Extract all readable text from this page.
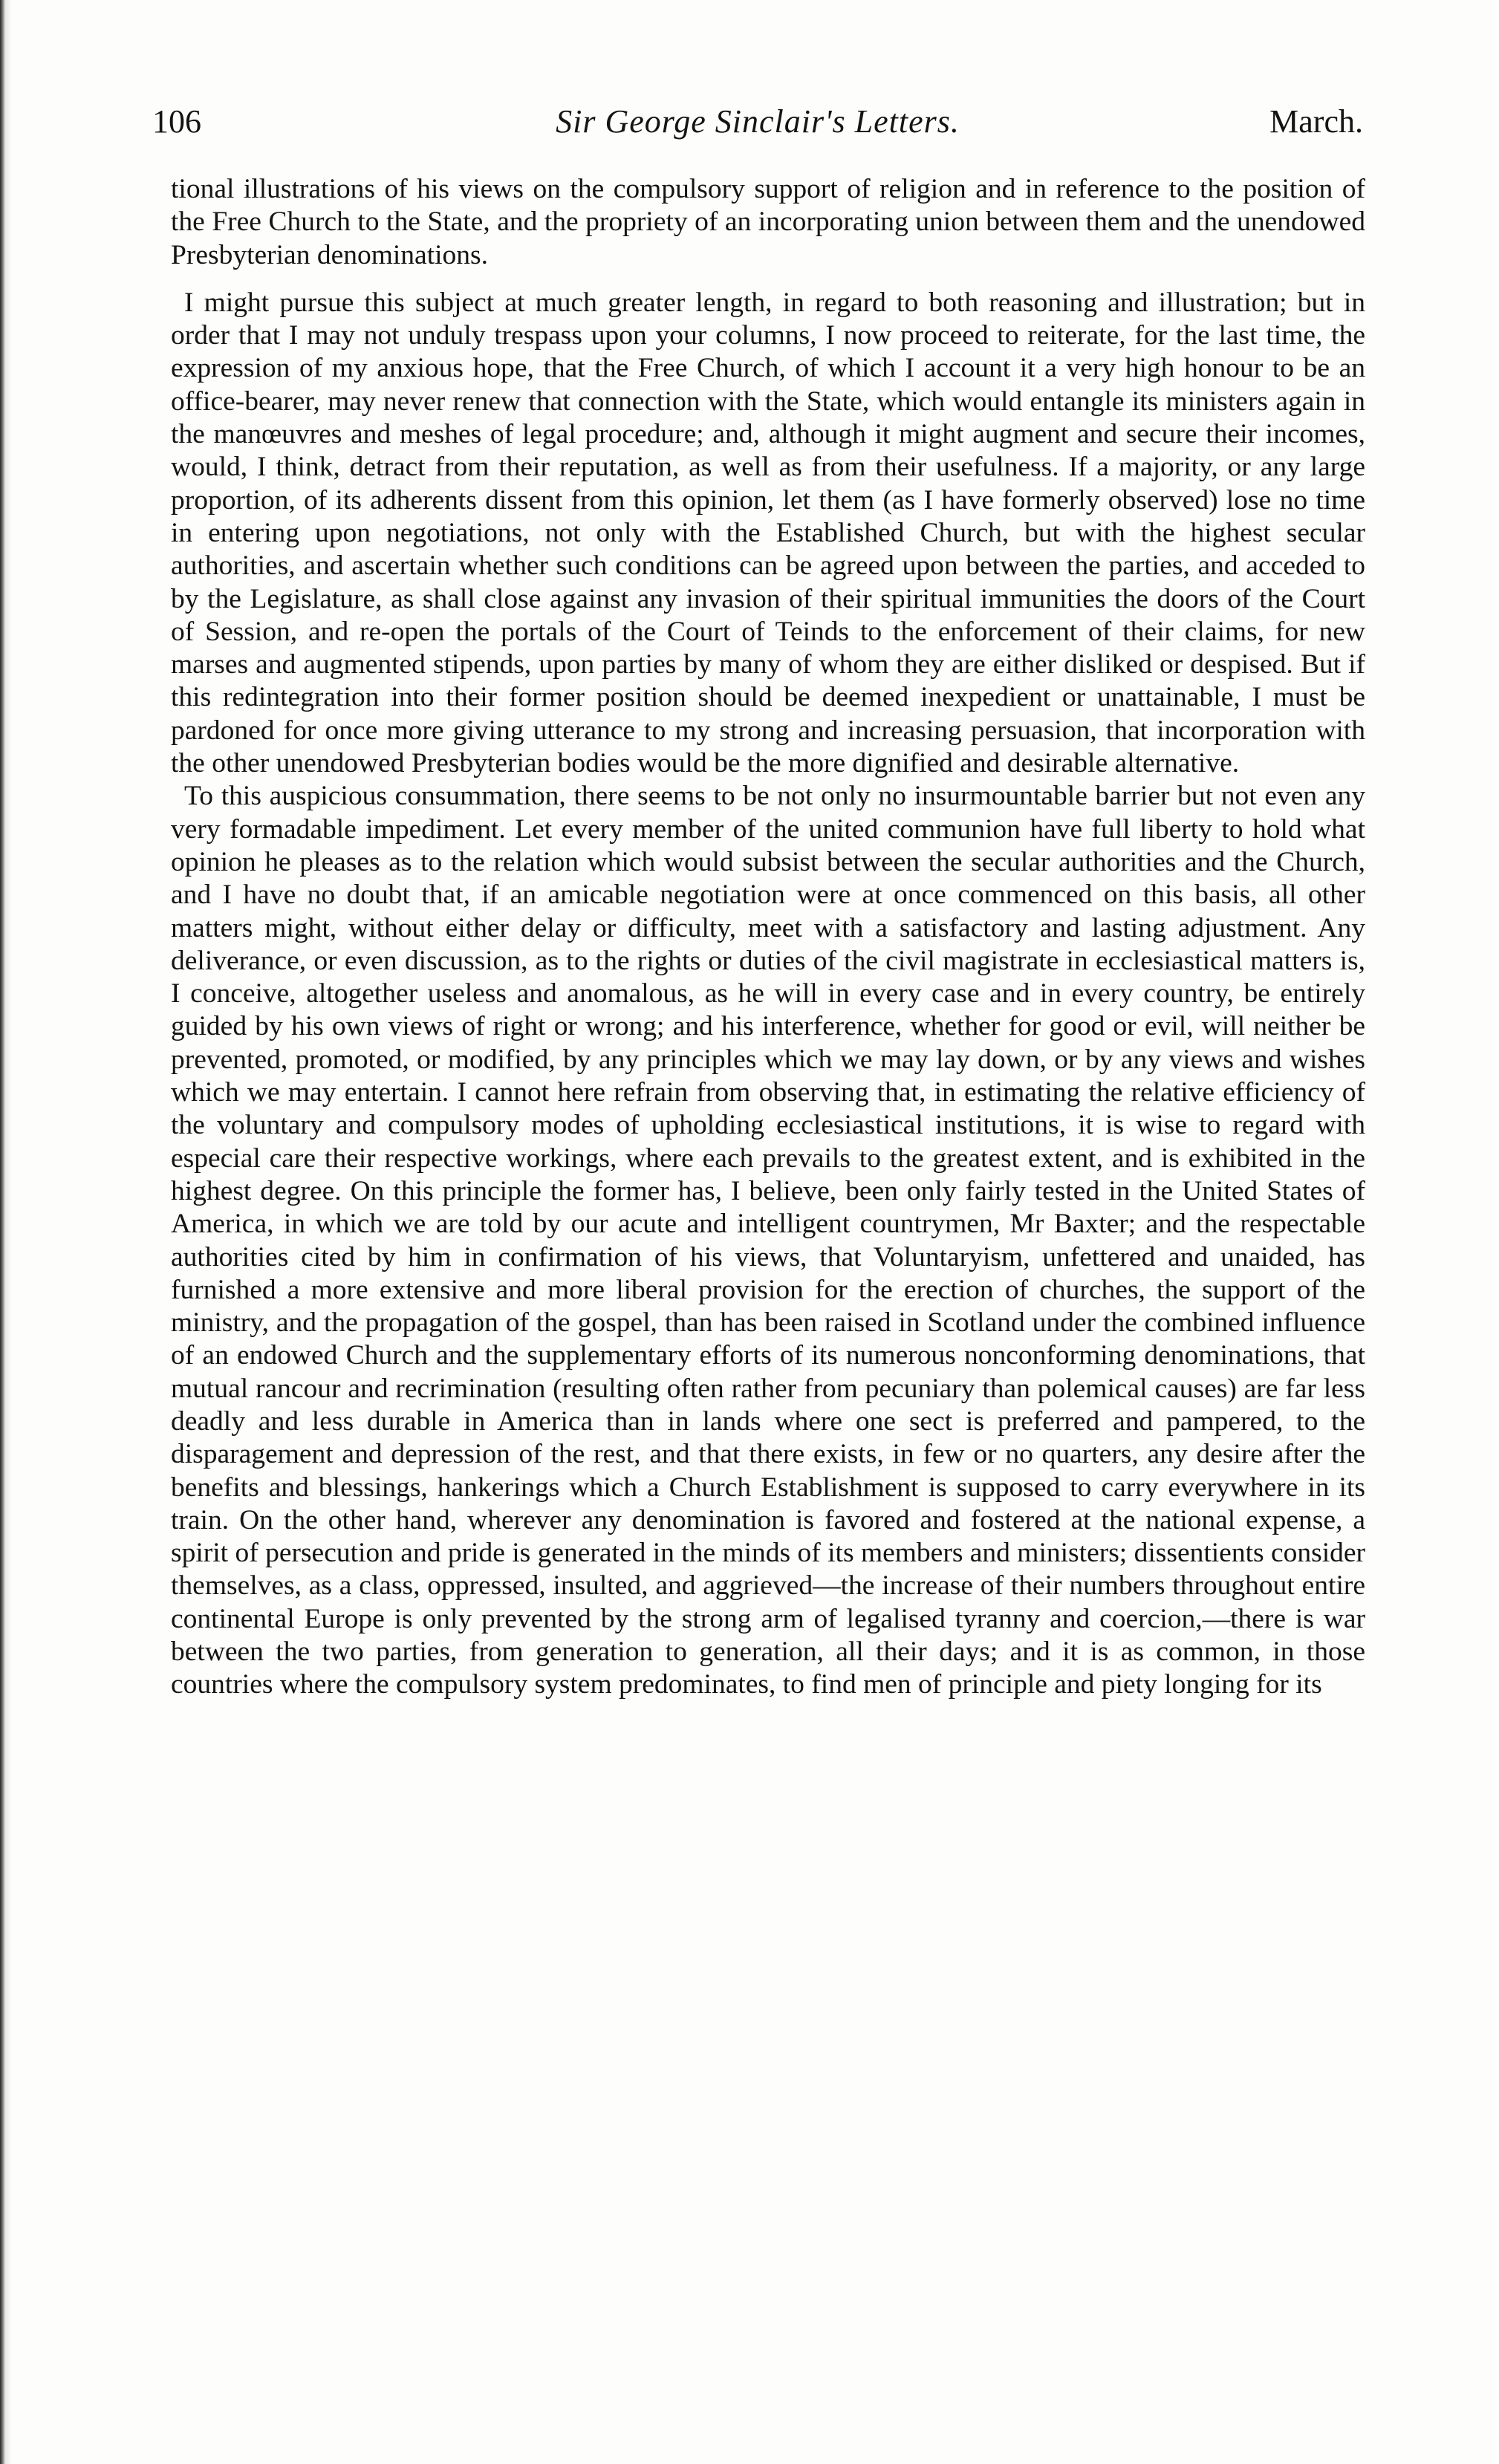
106	Sir George Sinclair's Letters.	March.

tional illustrations of his views on the compulsory support of religion and in reference to the position of the Free Church to the State, and the propriety of an incorporating union between them and the unendowed Presbyterian denominations.

I might pursue this subject at much greater length, in regard to both reasoning and illustration; but in order that I may not unduly trespass upon your columns, I now proceed to reiterate, for the last time, the expression of my anxious hope, that the Free Church, of which I account it a very high honour to be an office-bearer, may never renew that connection with the State, which would entangle its ministers again in the manœuvres and meshes of legal procedure; and, although it might augment and secure their incomes, would, I think, detract from their reputation, as well as from their usefulness. If a majority, or any large proportion, of its adherents dissent from this opinion, let them (as I have formerly observed) lose no time in entering upon negotiations, not only with the Established Church, but with the highest secular authorities, and ascertain whether such conditions can be agreed upon between the parties, and acceded to by the Legislature, as shall close against any invasion of their spiritual immunities the doors of the Court of Session, and re-open the portals of the Court of Teinds to the enforcement of their claims, for new marses and augmented stipends, upon parties by many of whom they are either disliked or despised. But if this redintegration into their former position should be deemed inexpedient or unattainable, I must be pardoned for once more giving utterance to my strong and increasing persuasion, that incorporation with the other unendowed Presbyterian bodies would be the more dignified and desirable alternative.

To this auspicious consummation, there seems to be not only no insurmountable barrier but not even any very formadable impediment. Let every member of the united communion have full liberty to hold what opinion he pleases as to the relation which would subsist between the secular authorities and the Church, and I have no doubt that, if an amicable negotiation were at once commenced on this basis, all other matters might, without either delay or difficulty, meet with a satisfactory and lasting adjustment. Any deliverance, or even discussion, as to the rights or duties of the civil magistrate in ecclesiastical matters is, I conceive, altogether useless and anomalous, as he will in every case and in every country, be entirely guided by his own views of right or wrong; and his interference, whether for good or evil, will neither be prevented, promoted, or modified, by any principles which we may lay down, or by any views and wishes which we may entertain. I cannot here refrain from observing that, in estimating the relative efficiency of the voluntary and compulsory modes of upholding ecclesiastical institutions, it is wise to regard with especial care their respective workings, where each prevails to the greatest extent, and is exhibited in the highest degree. On this principle the former has, I believe, been only fairly tested in the United States of America, in which we are told by our acute and intelligent countrymen, Mr Baxter; and the respectable authorities cited by him in confirmation of his views, that Voluntaryism, unfettered and unaided, has furnished a more extensive and more liberal provision for the erection of churches, the support of the ministry, and the propagation of the gospel, than has been raised in Scotland under the combined influence of an endowed Church and the supplementary efforts of its numerous nonconforming denominations, that mutual rancour and recrimination (resulting often rather from pecuniary than polemical causes) are far less deadly and less durable in America than in lands where one sect is preferred and pampered, to the disparagement and depression of the rest, and that there exists, in few or no quarters, any desire after the benefits and blessings, hankerings which a Church Establishment is supposed to carry everywhere in its train. On the other hand, wherever any denomination is favored and fostered at the national expense, a spirit of persecution and pride is generated in the minds of its members and ministers; dissentients consider themselves, as a class, oppressed, insulted, and aggrieved—the increase of their numbers throughout entire continental Europe is only prevented by the strong arm of legalised tyranny and coercion,—there is war between the two parties, from generation to generation, all their days; and it is as common, in those countries where the compulsory system predominates, to find men of principle and piety longing for its
